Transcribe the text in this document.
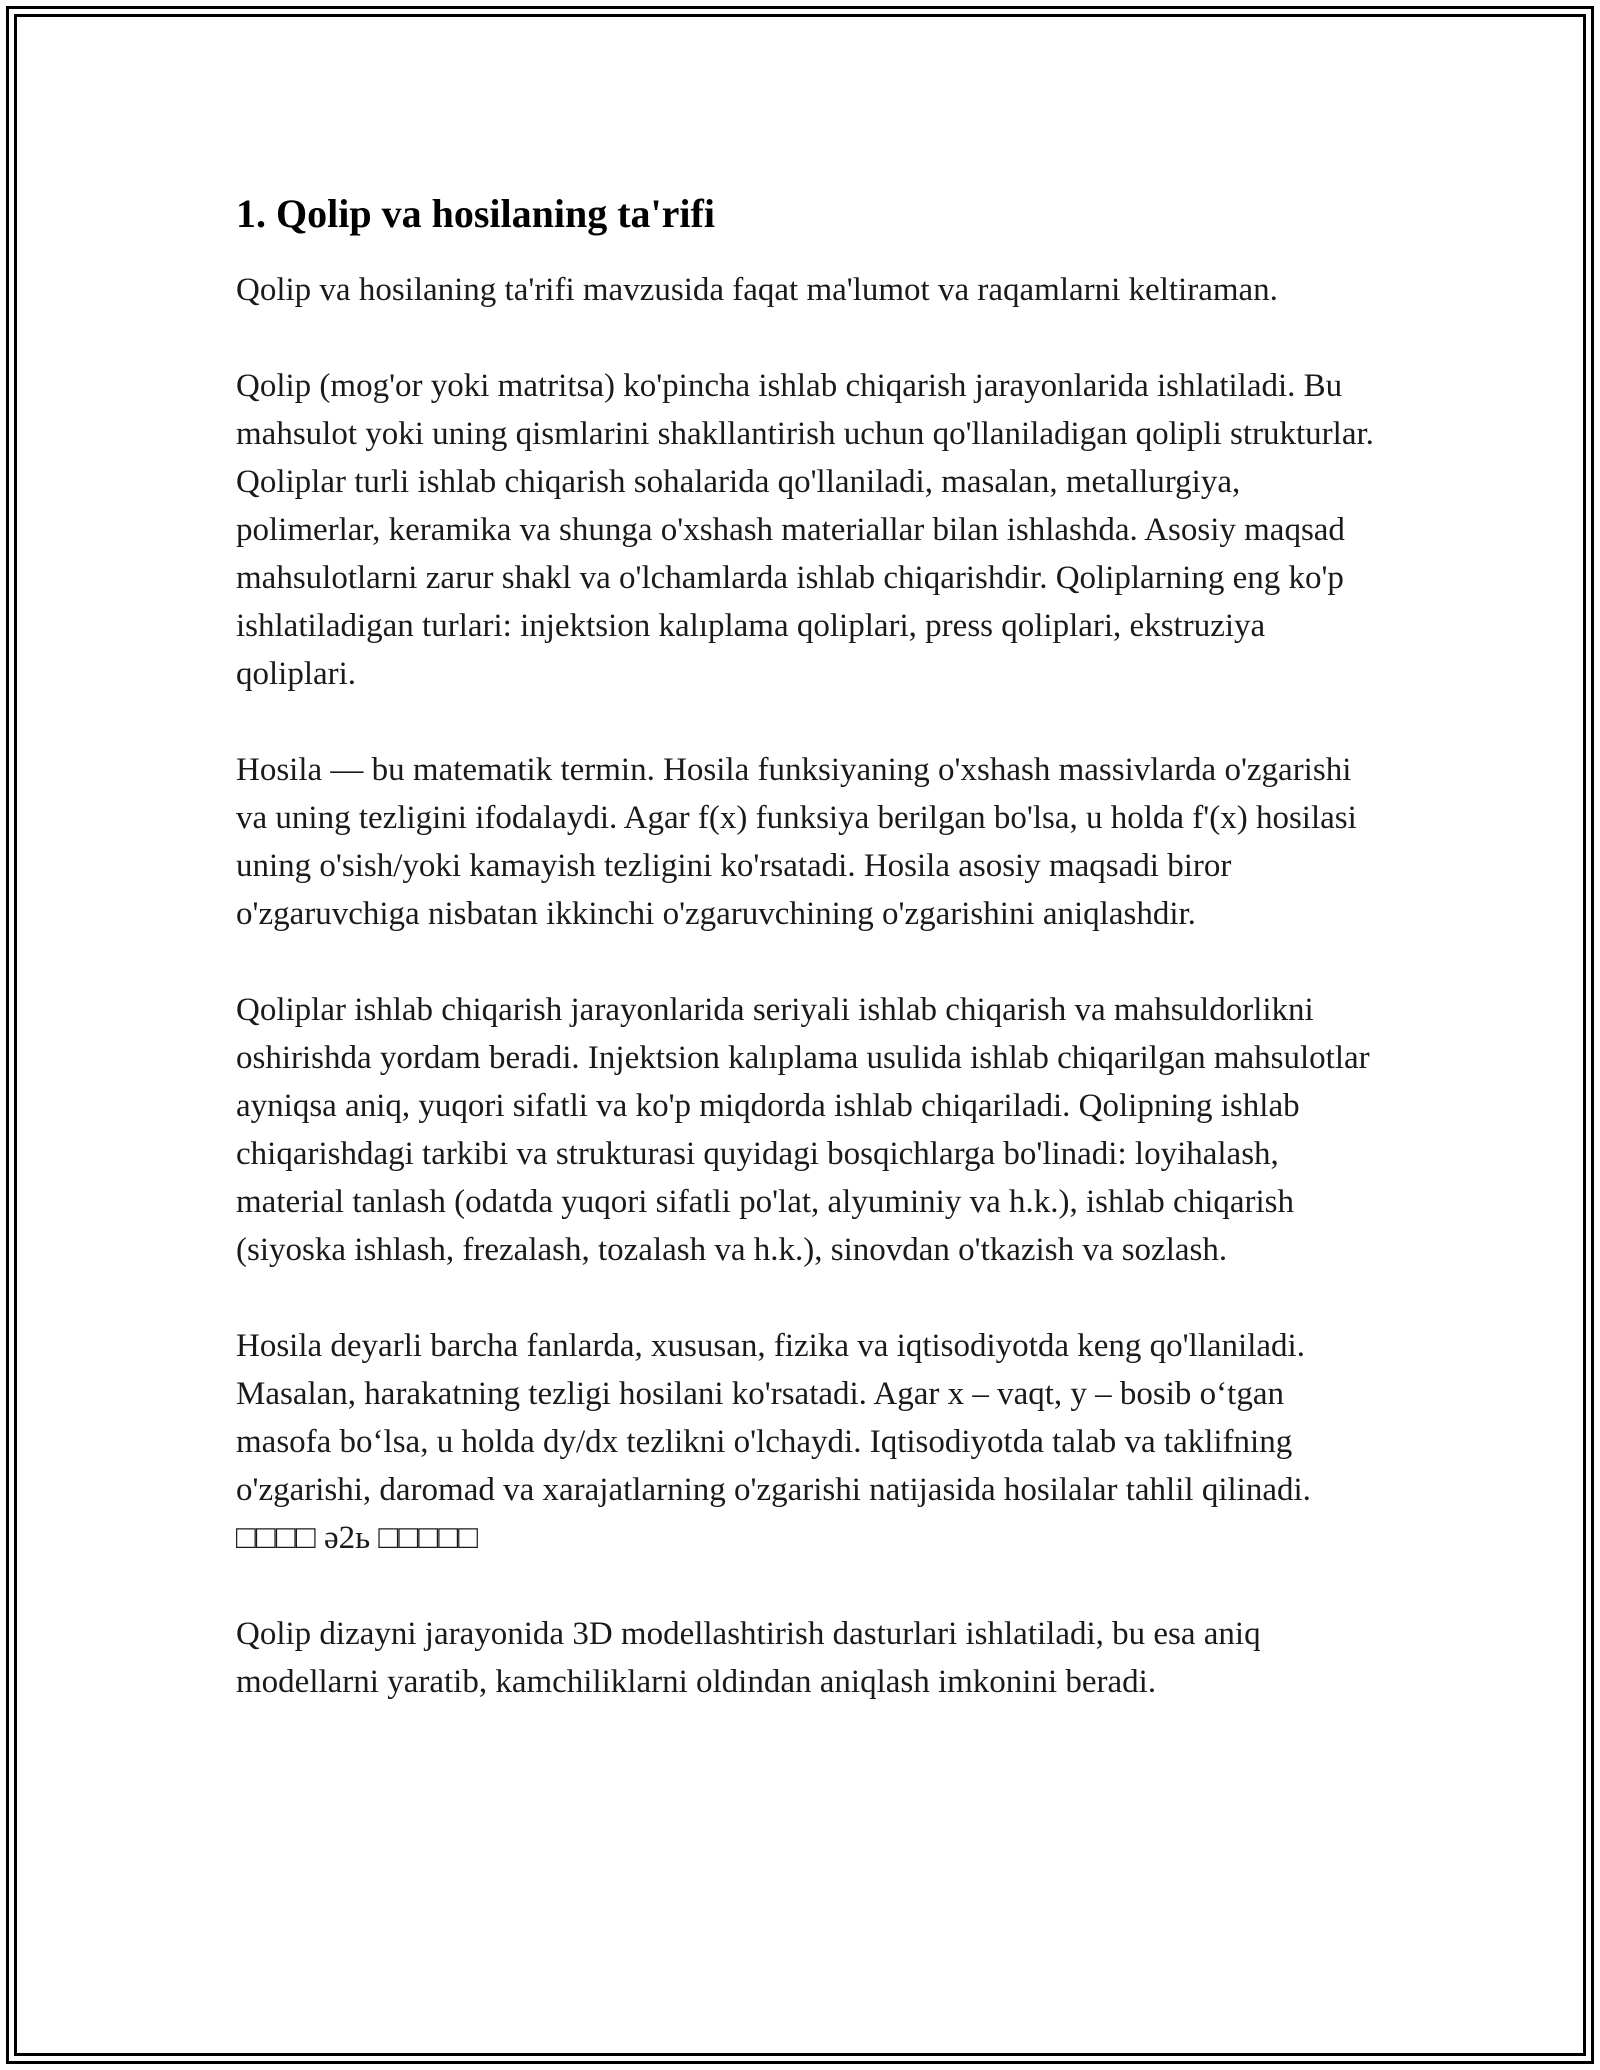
1. Qolip va hosilaning ta'rifi

Qolip va hosilaning ta'rifi mavzusida faqat ma'lumot va raqamlarni keltiraman.

Qolip (mog'or yoki matritsa) ko'pincha ishlab chiqarish jarayonlarida ishlatiladi. Bu mahsulot yoki uning qismlarini shakllantirish uchun qo'llaniladigan qolipli strukturlar. Qoliplar turli ishlab chiqarish sohalarida qo'llaniladi, masalan, metallurgiya, polimerlar, keramika va shunga o'xshash materiallar bilan ishlashda. Asosiy maqsad mahsulotlarni zarur shakl va o'lchamlarda ishlab chiqarishdir. Qoliplarning eng ko'p ishlatiladigan turlari: injektsion kalıplama qoliplari, press qoliplari, ekstruziya qoliplari.

Hosila — bu matematik termin. Hosila funksiyaning o'xshash massivlarda o'zgarishi va uning tezligini ifodalaydi. Agar f(x) funksiya berilgan bo'lsa, u holda f'(x) hosilasi uning o'sish/yoki kamayish tezligini ko'rsatadi. Hosila asosiy maqsadi biror o'zgaruvchiga nisbatan ikkinchi o'zgaruvchining o'zgarishini aniqlashdir.

Qoliplar ishlab chiqarish jarayonlarida seriyali ishlab chiqarish va mahsuldorlikni oshirishda yordam beradi. Injektsion kalıplama usulida ishlab chiqarilgan mahsulotlar ayniqsa aniq, yuqori sifatli va ko'p miqdorda ishlab chiqariladi. Qolipning ishlab chiqarishdagi tarkibi va strukturasi quyidagi bosqichlarga bo'linadi: loyihalash, material tanlash (odatda yuqori sifatli po'lat, alyuminiy va h.k.), ishlab chiqarish (siyoska ishlash, frezalash, tozalash va h.k.), sinovdan o'tkazish va sozlash.

Hosila deyarli barcha fanlarda, xususan, fizika va iqtisodiyotda keng qo'llaniladi. Masalan, harakatning tezligi hosilani ko'rsatadi. Agar x – vaqt, y – bosib o‘tgan masofa bo‘lsa, u holda dy/dx tezlikni o'lchaydi. Iqtisodiyotda talab va taklifning o'zgarishi, daromad va xarajatlarning o'zgarishi natijasida hosilalar tahlil qilinadi. □□□□ ə2ь □□□□□

Qolip dizayni jarayonida 3D modellashtirish dasturlari ishlatiladi, bu esa aniq modellarni yaratib, kamchiliklarni oldindan aniqlash imkonini beradi.
